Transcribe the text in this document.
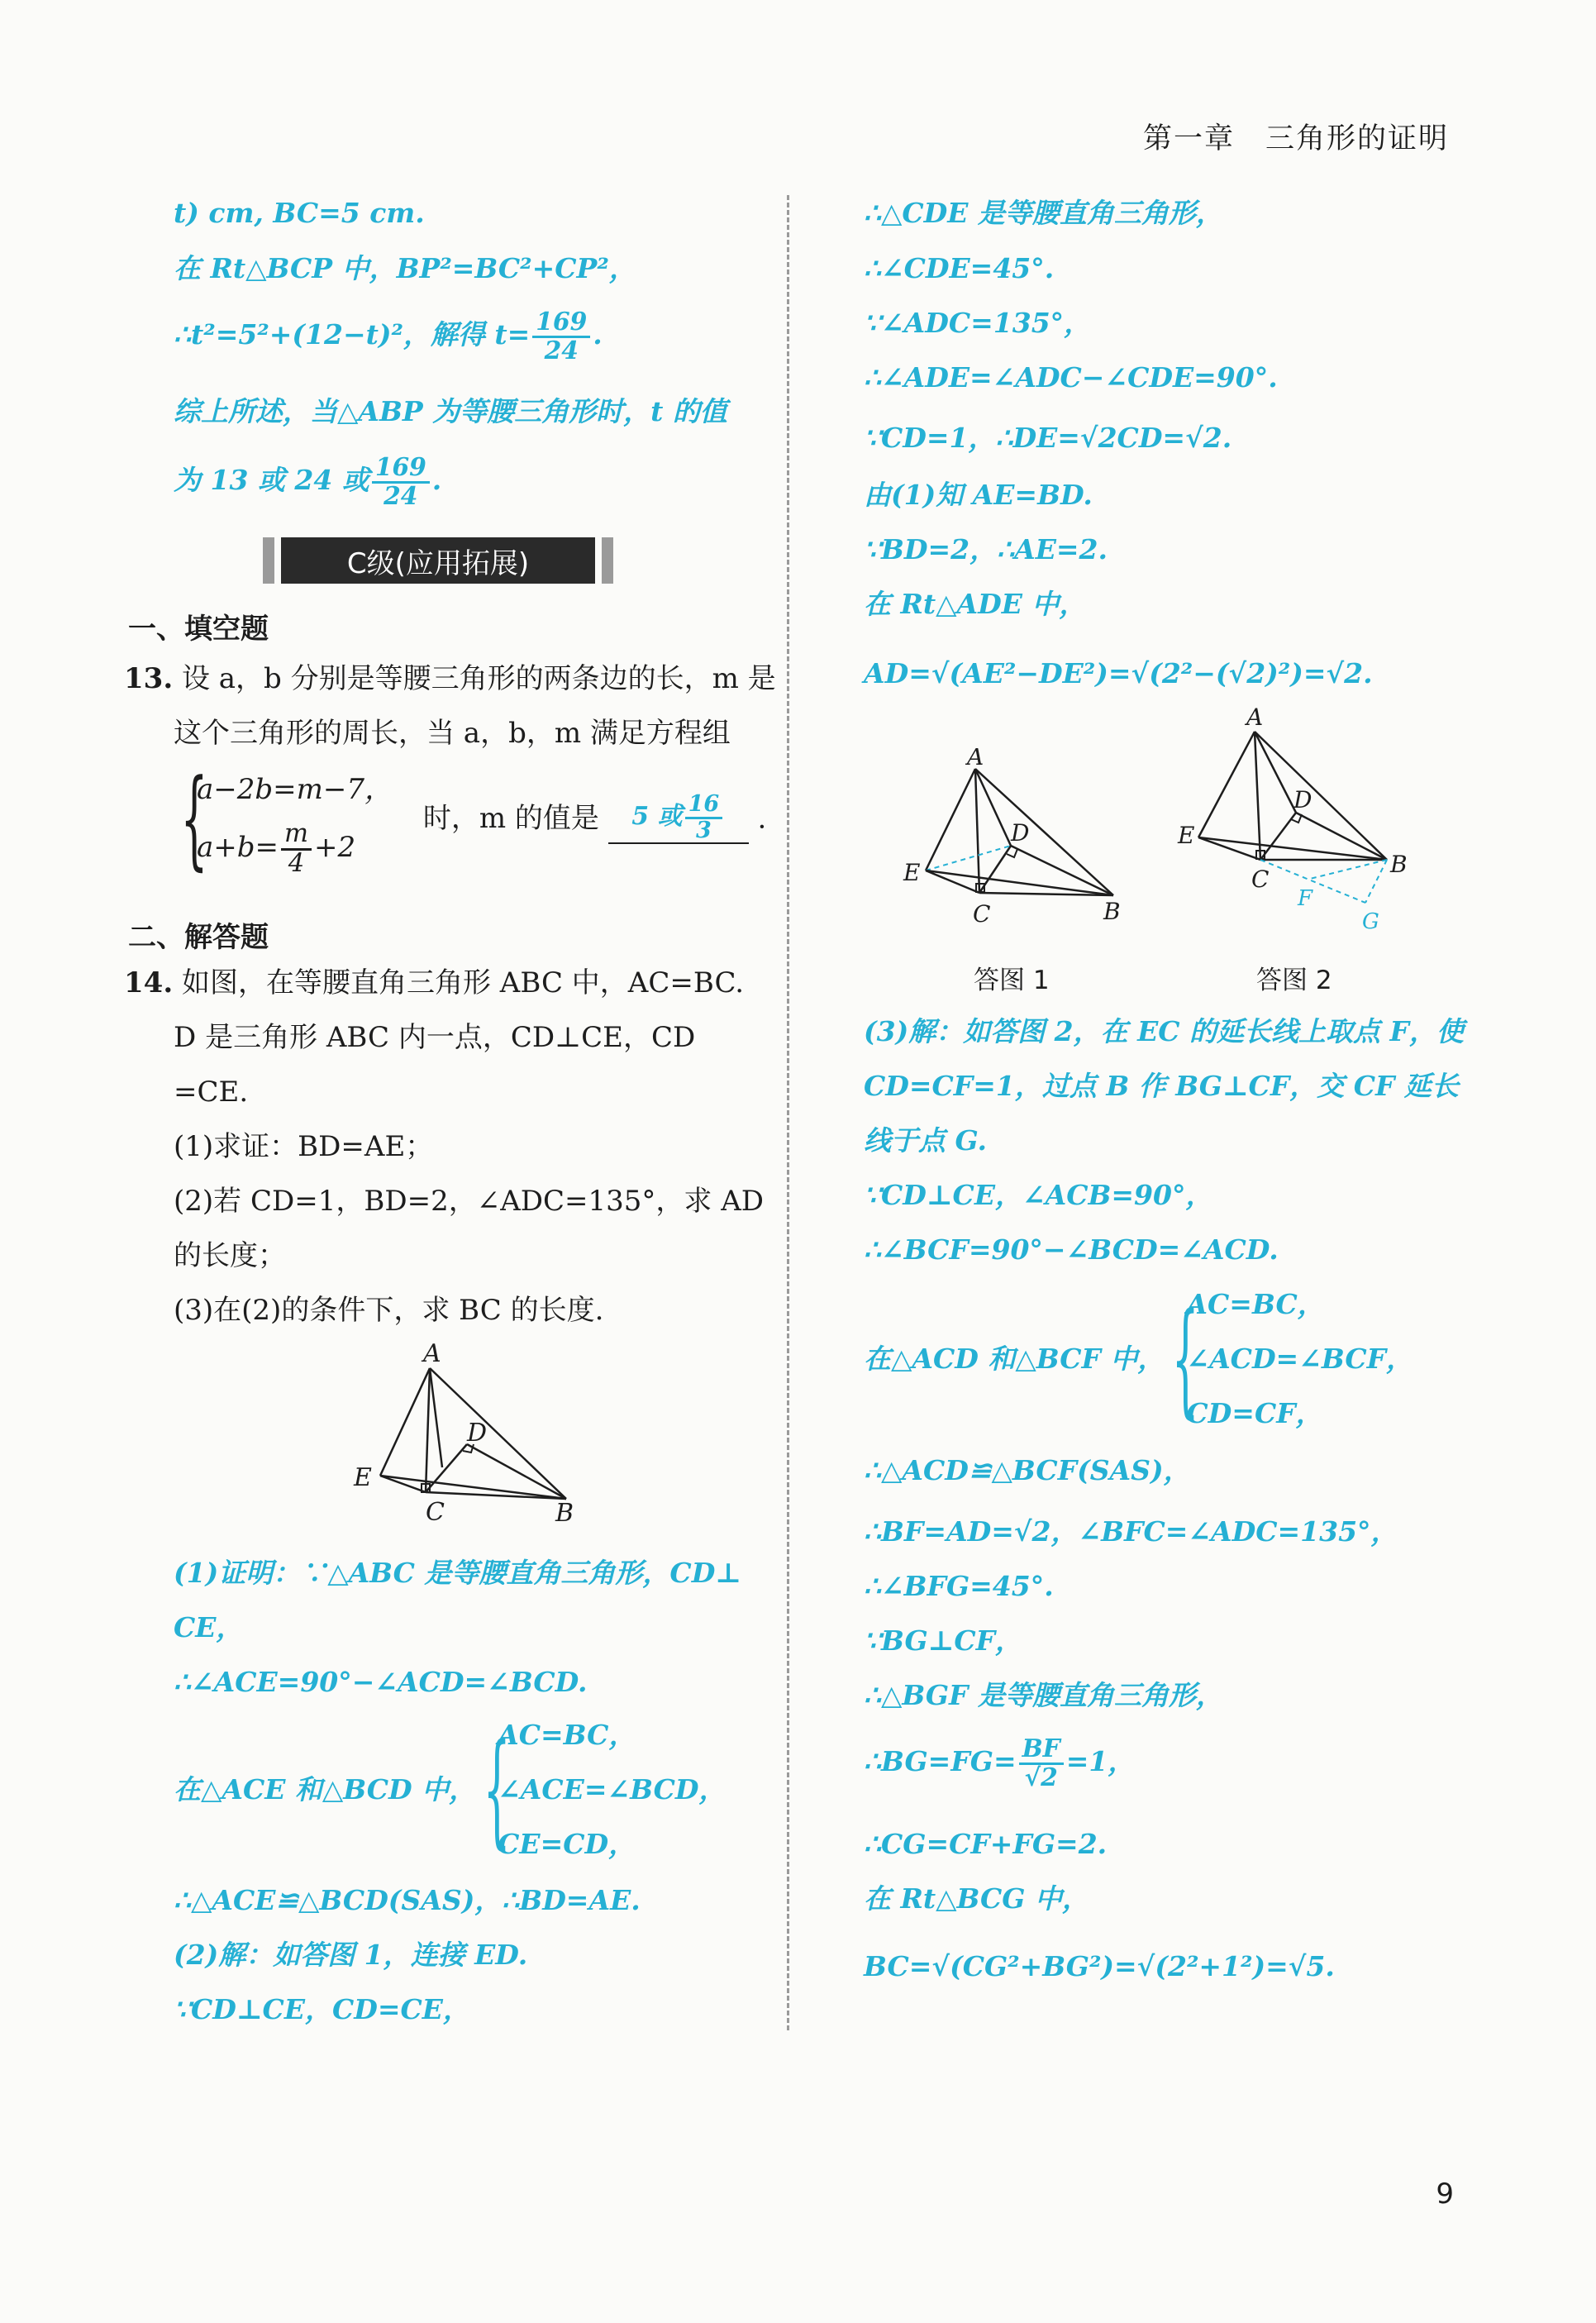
第一章　三角形的证明
t) cm, BC=5 cm.
在 Rt△BCP 中，BP²=BC²+CP²，
∴t²=5²+(12−t)²，解得 $t= \frac{169}{24}$ .
综上所述，当△ABP 为等腰三角形时，t 的值
为 13 或 24 或 $\frac{169}{24}$ .
C级(应用拓展)
一、填空题
13. 设 a，b 分别是等腰三角形的两条边的长，m 是
这个三角形的周长，当 a，b，m 满足方程组
{
a−2b=m−7，
$a+b= \frac{m}{4} +2$
时，m 的值是 5 或 $\frac{16}{3}$ .
二、解答题
14. 如图，在等腰直角三角形 ABC 中，AC=BC.
D 是三角形 ABC 内一点，CD⊥CE，CD
=CE.
(1)求证：BD=AE；
(2)若 CD=1，BD=2，∠ADC=135°，求 AD
的长度；
(3)在(2)的条件下，求 BC 的长度.
A
D
E
C	B
(1)证明：∵△ABC 是等腰直角三角形，CD⊥
CE，
∴∠ACE=90°−∠ACD=∠BCD.
在△ACE 和△BCD 中， {
AC=BC，
∠ACE=∠BCD，
CE=CD，
∴△ACE≌△BCD(SAS)，∴BD=AE.
(2)解：如答图 1，连接 ED.
∵CD⊥CE，CD=CE，
∴△CDE 是等腰直角三角形，
∴∠CDE=45°.
∵∠ADC=135°，
∴∠ADE=∠ADC−∠CDE=90°.
∵CD=1，∴DE=√2CD=√2.
由(1)知 AE=BD.
∵BD=2，∴AE=2.
在 Rt△ADE 中，
AD=√(AE²−DE²)=√(2²−(√2)²)=√2.
A
D
E
C	B
A
D
E
C
B
F
G
答图 1	答图 2
(3)解：如答图 2，在 EC 的延长线上取点 F，使
CD=CF=1，过点 B 作 BG⊥CF，交 CF 延长
线于点 G.
∵CD⊥CE，∠ACB=90°，
∴∠BCF=90°−∠BCD=∠ACD.
在△ACD 和△BCF 中， {
AC=BC，
∠ACD=∠BCF，
CD=CF，
∴△ACD≌△BCF(SAS)，
∴BF=AD=√2，∠BFC=∠ADC=135°，
∴∠BFG=45°.
∵BG⊥CF，
∴△BGF 是等腰直角三角形，
∴BG=FG= $\frac{BF}{√2} =1$，
∴CG=CF+FG=2.
在 Rt△BCG 中，
BC=√(CG²+BG²)=√(2²+1²)=√5.
9
